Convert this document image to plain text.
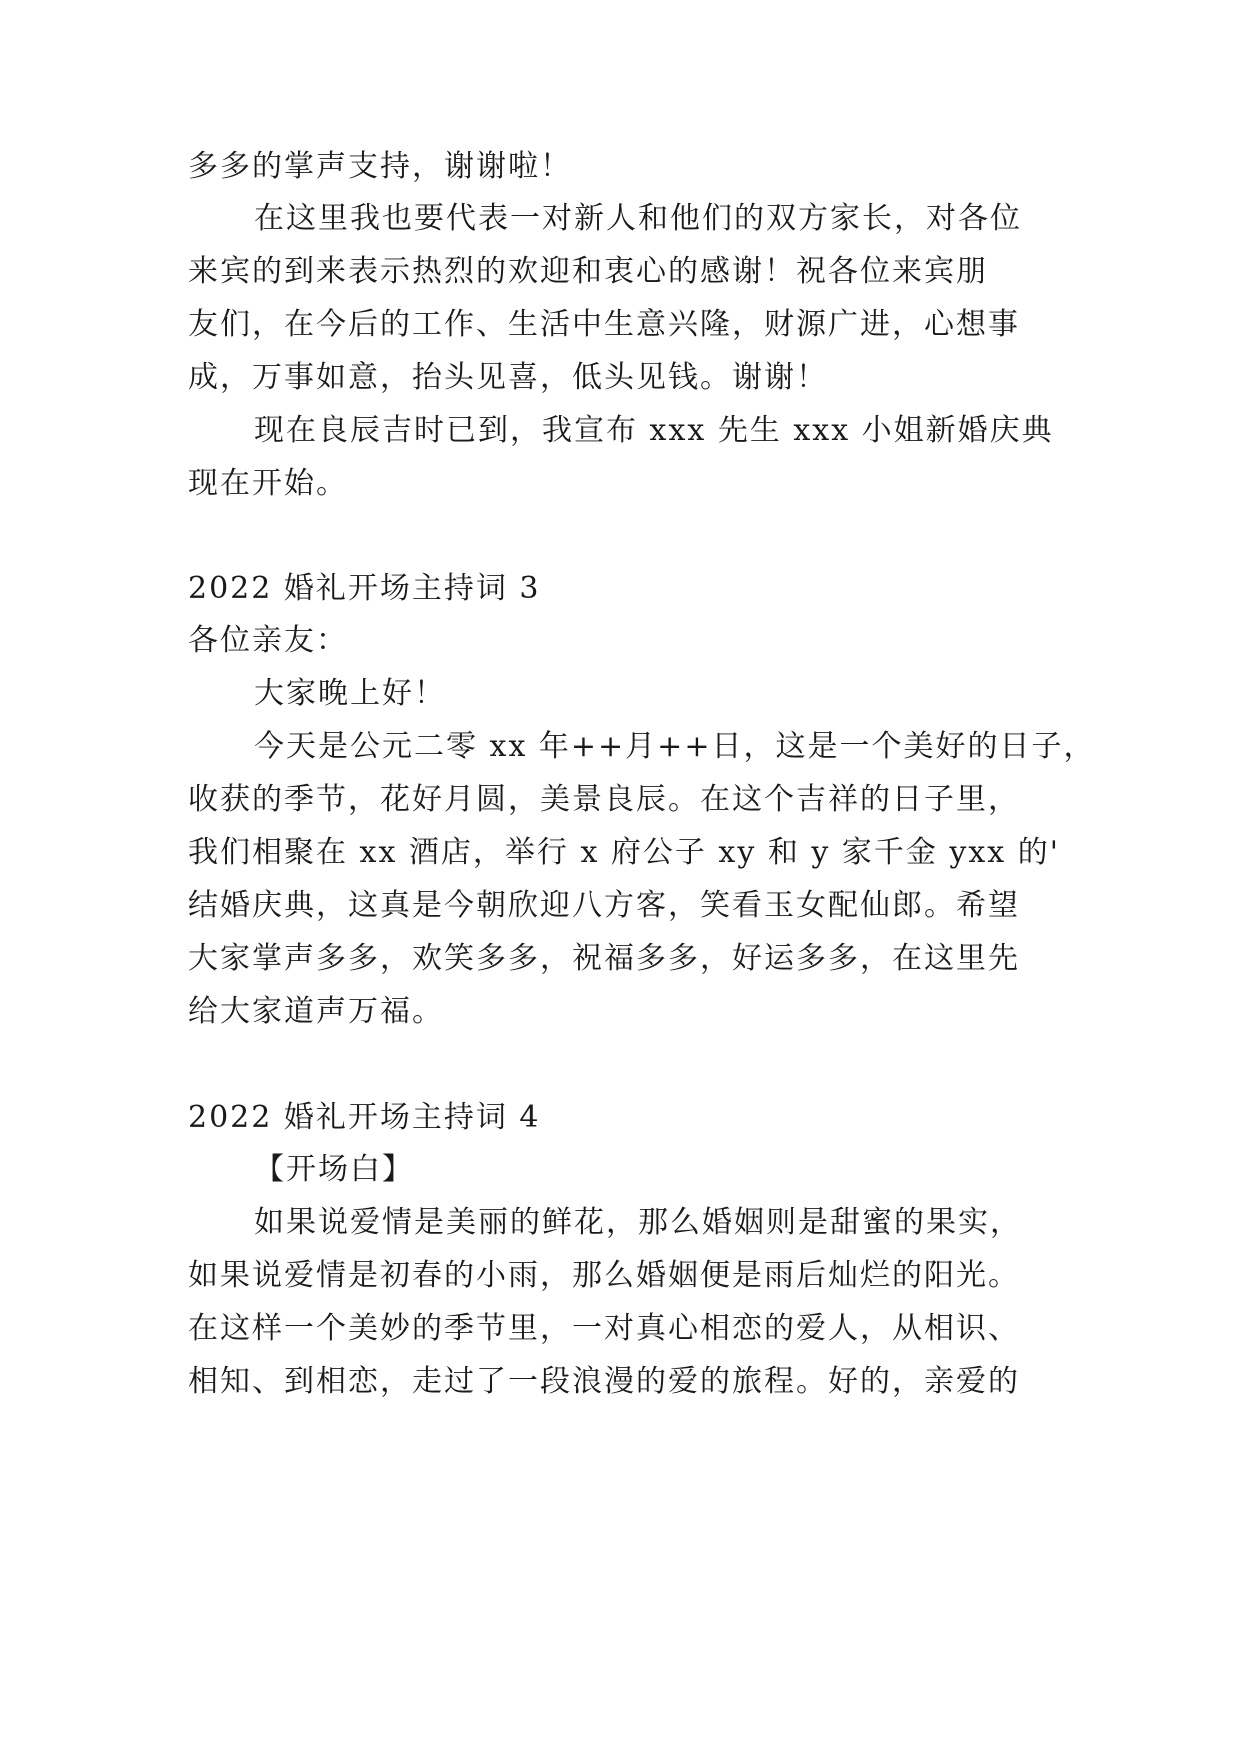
多多的掌声支持，谢谢啦！
在这里我也要代表一对新人和他们的双方家长，对各位
来宾的到来表示热烈的欢迎和衷心的感谢！祝各位来宾朋
友们，在今后的工作、生活中生意兴隆，财源广进，心想事
成，万事如意，抬头见喜，低头见钱。谢谢！
现在良辰吉时已到，我宣布 xxx 先生 xxx 小姐新婚庆典
现在开始。
2022 婚礼开场主持词 3
各位亲友：
大家晚上好！
今天是公元二零 xx 年++月++日，这是一个美好的日子，
收获的季节，花好月圆，美景良辰。在这个吉祥的日子里，
我们相聚在 xx 酒店，举行 x 府公子 xy 和 y 家千金 yxx 的'
结婚庆典，这真是今朝欣迎八方客，笑看玉女配仙郎。希望
大家掌声多多，欢笑多多，祝福多多，好运多多，在这里先
给大家道声万福。
2022 婚礼开场主持词 4
【开场白】
如果说爱情是美丽的鲜花，那么婚姻则是甜蜜的果实，
如果说爱情是初春的小雨，那么婚姻便是雨后灿烂的阳光。
在这样一个美妙的季节里，一对真心相恋的爱人，从相识、
相知、到相恋，走过了一段浪漫的爱的旅程。好的，亲爱的
